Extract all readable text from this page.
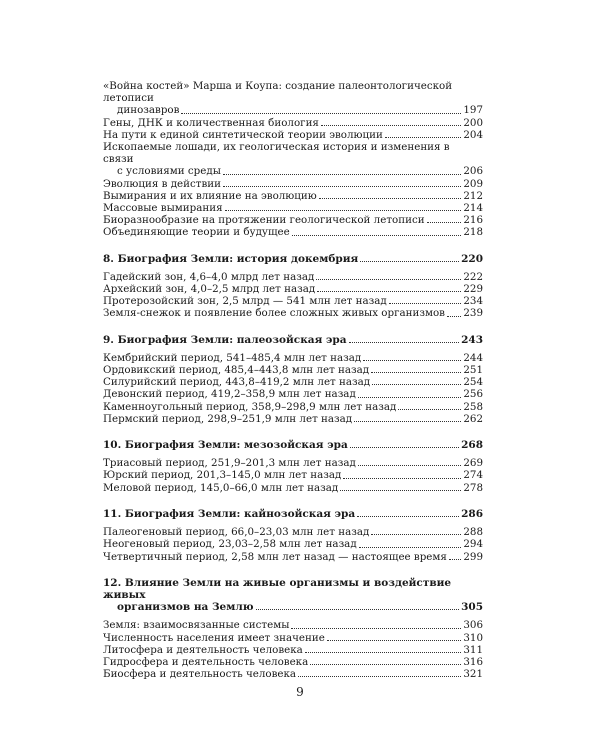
«Война костей» Марша и Коупа: создание палеонтологической летописи
динозавров	197
Гены, ДНК и количественная биология	200
На пути к единой синтетической теории эволюции	204
Ископаемые лошади, их геологическая история и изменения в связи
с условиями среды	206
Эволюция в действии	209
Вымирания и их влияние на эволюцию	212
Массовые вымирания	214
Биоразнообразие на протяжении геологической летописи	216
Объединяющие теории и будущее	218
8. Биография Земли: история докембрия	220
Гадейский зон, 4,6–4,0 млрд лет назад	222
Архейский зон, 4,0–2,5 млрд лет назад	229
Протерозойский зон, 2,5 млрд — 541 млн лет назад	234
Земля-снежок и появление более сложных живых организмов 239
9. Биография Земли: палеозойская эра	243
Кембрийский период, 541–485,4 млн лет назад	244
Ордовикский период, 485,4–443,8 млн лет назад	251
Силурийский период, 443,8–419,2 млн лет назад	254
Девонский период, 419,2–358,9 млн лет назад	256
Каменноугольный период, 358,9–298,9 млн лет назад	258
Пермский период, 298,9–251,9 млн лет назад	262
10. Биография Земли: мезозойская эра	268
Триасовый период, 251,9–201,3 млн лет назад	269
Юрский период, 201,3–145,0 млн лет назад	274
Меловой период, 145,0–66,0 млн лет назад	278
11. Биография Земли: кайнозойская эра	286
Палеогеновый период, 66,0–23,03 млн лет назад	288
Неогеновый период, 23,03–2,58 млн лет назад	294
Четвертичный период, 2,58 млн лет назад — настоящее время 299
12. Влияние Земли на живые организмы и воздействие живых
организмов на Землю	305
Земля: взаимосвязанные системы	306
Численность населения имеет значение	310
Литосфера и деятельность человека	311
Гидросфера и деятельность человека	316
Биосфера и деятельность человека	321
9
